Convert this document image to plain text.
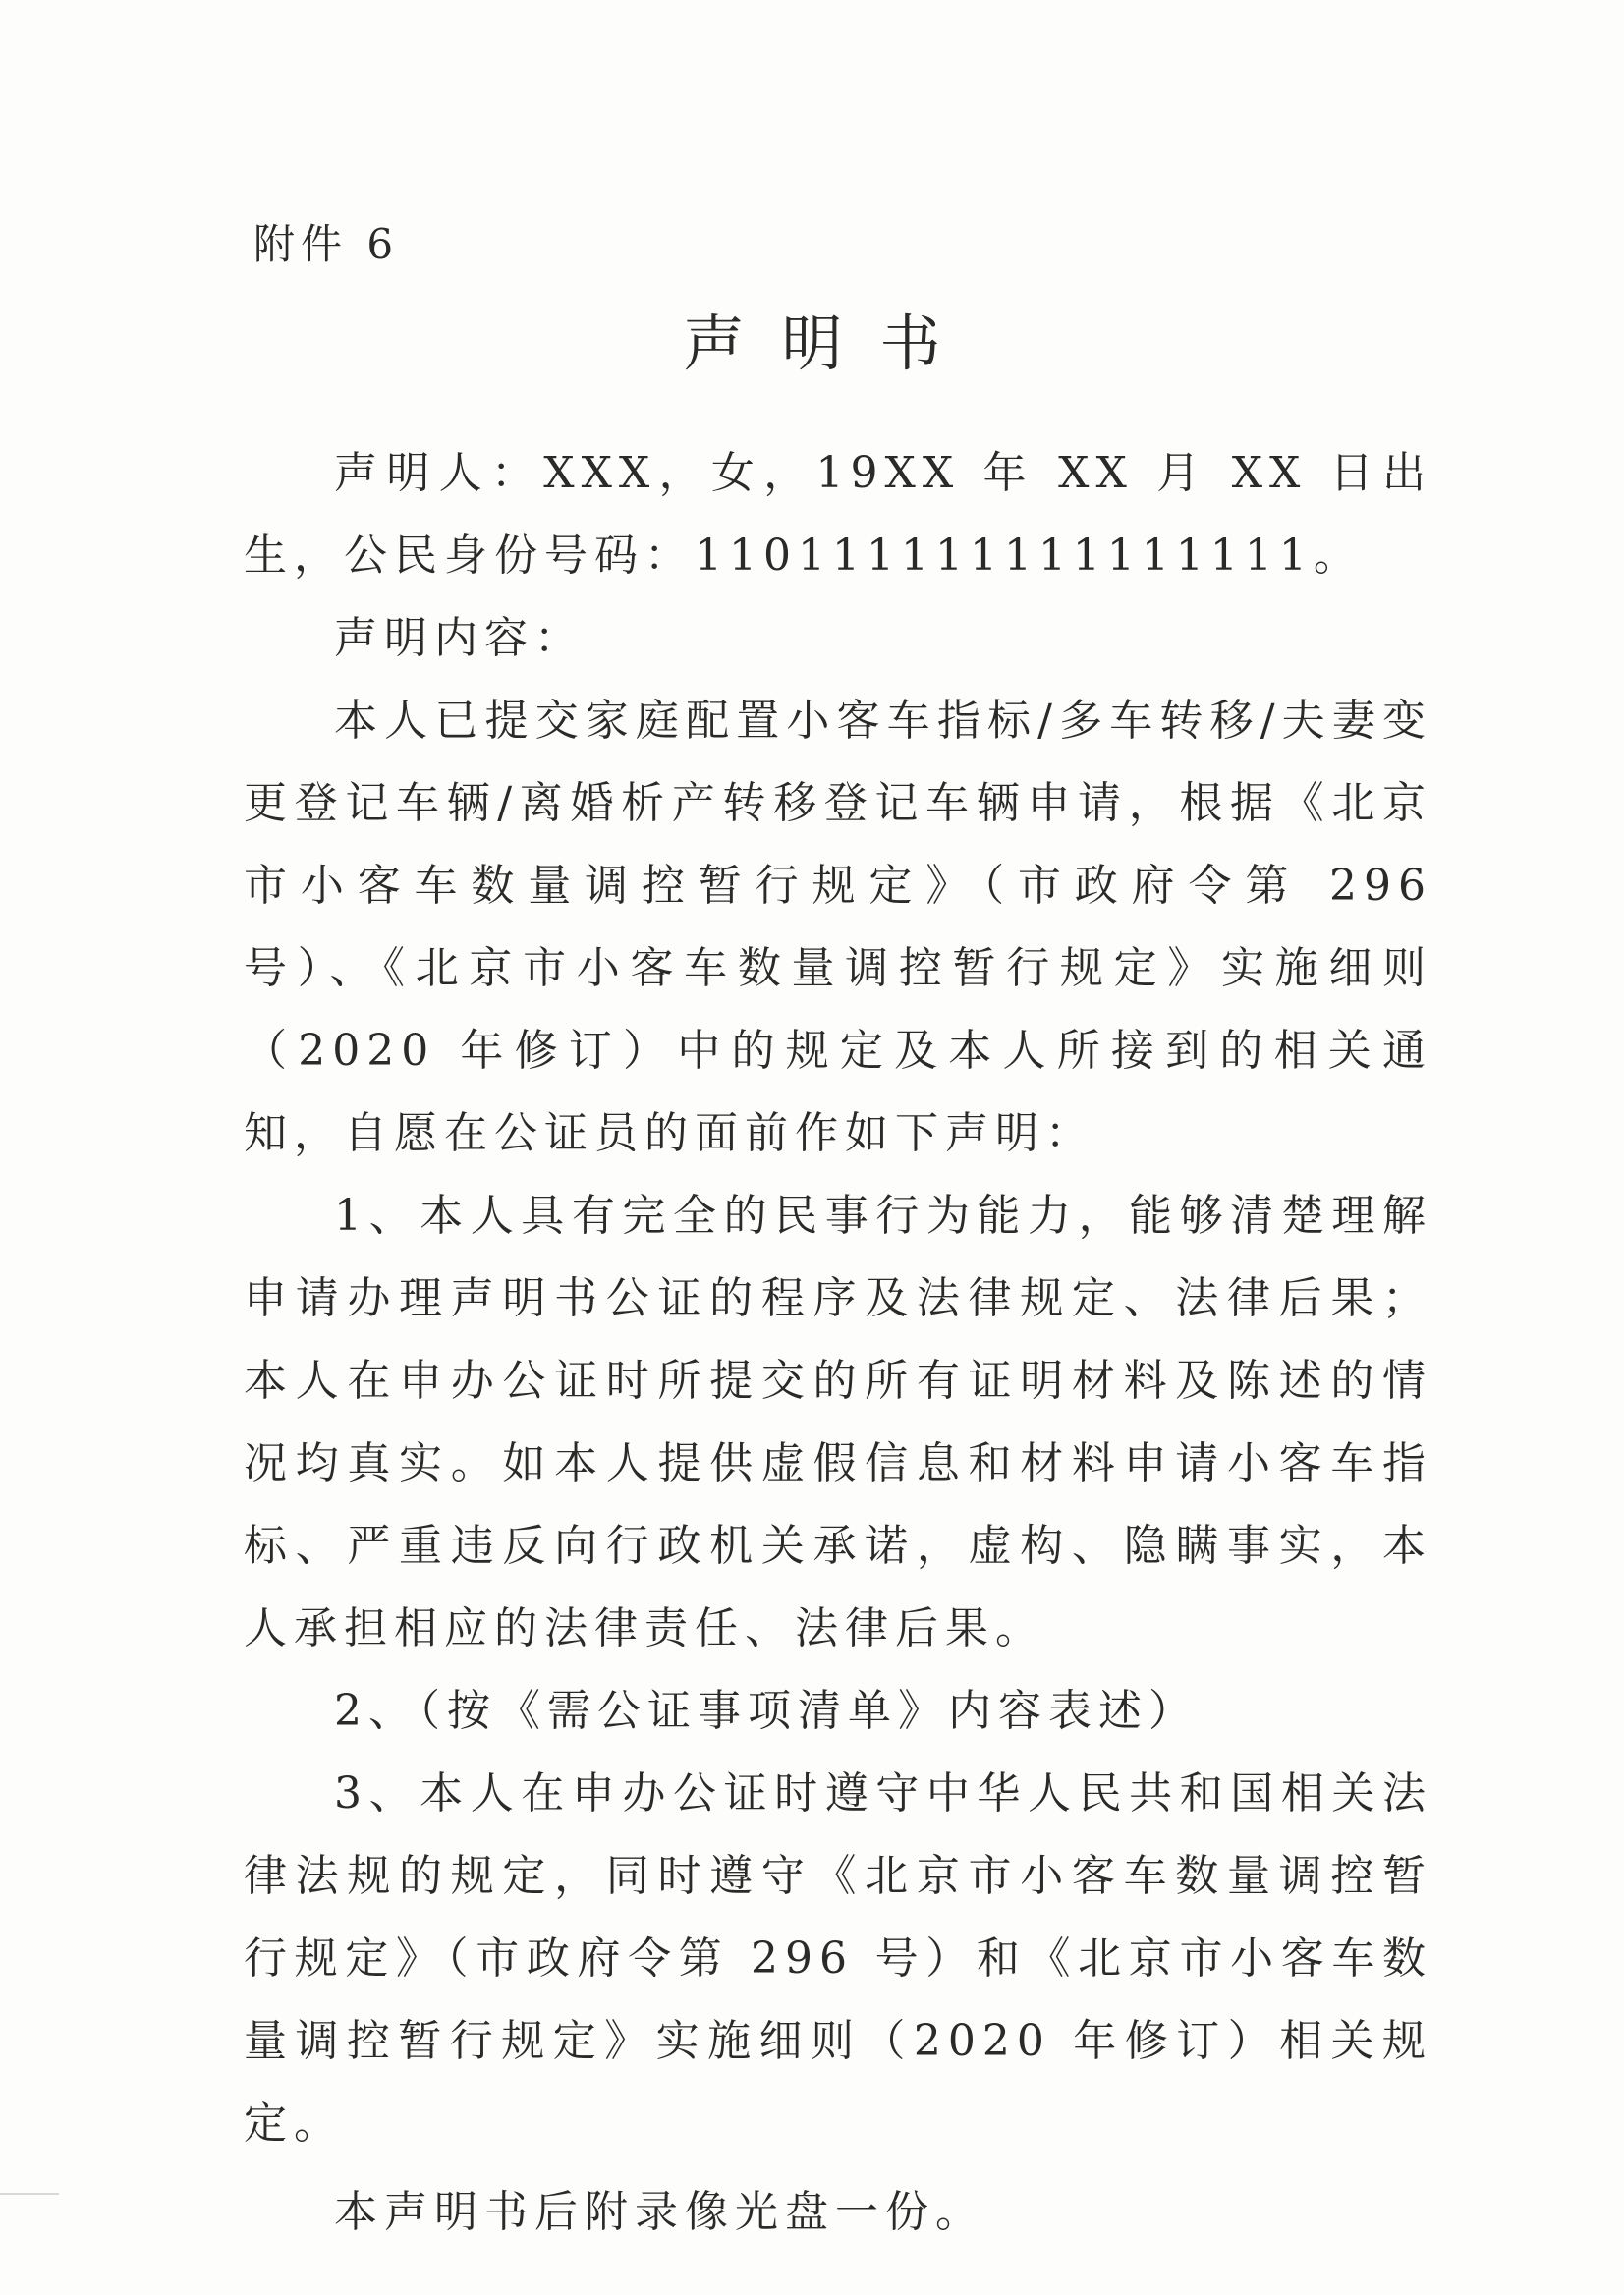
附件 6
声明书

声明人：XXX，女，19XX 年 XX 月 XX 日出生，公民身份号码：110111111111111111。

声明内容：

本人已提交家庭配置小客车指标/多车转移/夫妻变更登记车辆/离婚析产转移登记车辆申请，根据《北京市小客车数量调控暂行规定》（市政府令第 296 号）、《北京市小客车数量调控暂行规定》实施细则（2020 年修订）中的规定及本人所接到的相关通知，自愿在公证员的面前作如下声明：

1、本人具有完全的民事行为能力，能够清楚理解申请办理声明书公证的程序及法律规定、法律后果；本人在申办公证时所提交的所有证明材料及陈述的情况均真实。如本人提供虚假信息和材料申请小客车指标、严重违反向行政机关承诺，虚构、隐瞒事实，本人承担相应的法律责任、法律后果。

2、（按《需公证事项清单》内容表述）

3、本人在申办公证时遵守中华人民共和国相关法律法规的规定，同时遵守《北京市小客车数量调控暂行规定》（市政府令第 296 号）和《北京市小客车数量调控暂行规定》实施细则（2020 年修订）相关规定。

本声明书后附录像光盘一份。
